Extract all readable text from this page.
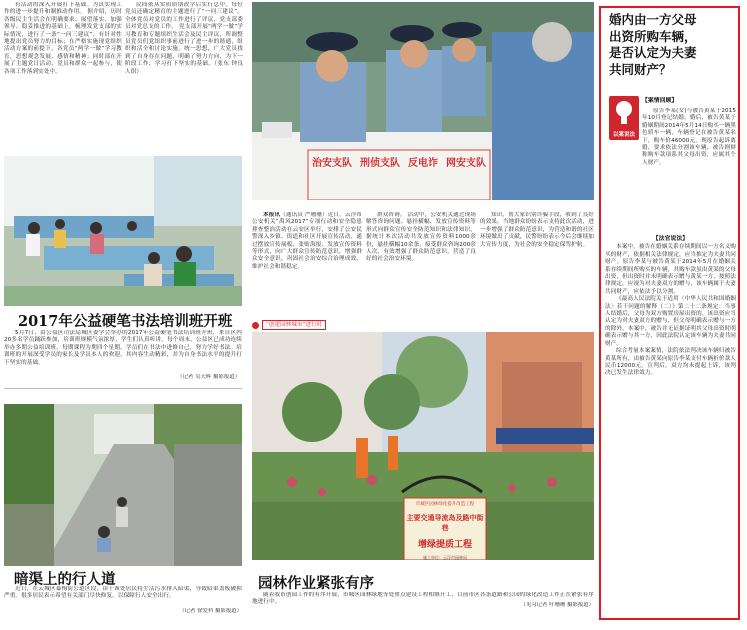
有活动的深入开展打下基础。为真实现工作的进一步提升和制推动作用。 据介绍，历时各级民主生活会在明确要求、展望落实、加强领导、稳妥推进的基础上，梳理发党支部的实际情况，进行了一条“一问三建议”，有针对性地提出党员努力的目标；在严格实施现党组织活动方案的前提下，各党员“两学一做”学习教育，思想观念发展、感情和精神；同时部在开展了主题党日活动，党员和群众一起参与，使各项工作落到实处中。

民间依从实质质朋改学后实行总中。每位党员还确定精育的主题进行了“一问三建议”。全体党员对党员的工作进行了评议，党支部委员对党总支的工作。 党支部开展“两学一做”学习教育和专题组织生活会及民主评议，所调整员党员们党组织事前进行了进一步的谐通，组织和活全和讨论实施，统一思想，广大党员找到了自身存在问题，明确了努力方向，为下一阶段工作、学习打下坚实的基础。（张东 钟良人组）

2017年公益硬笔书法培训班开班

5月7日，由公益区司法局城区委学会举办的2017年公益硬笔书法培训班开班，来自区内20多名学员踊跃参加，培训班规模气氛浓厚，学生们认真听讲。每个周末，公益区已成功连续举办多期公益培训班，每期课程为期四个星期，学员们在书法中进修自己，努力学好书法。培训班的开展深受学员的家长及学员本人的欢迎，其内容生动精彩，并为自身书法水平的提升打下坚实的基础。

（记者 吴天晖 摄影报道）
暗渠上的行人道

近日，在云城区幕梅街公道区段，由于该处居民将生活污水排入暗渠，导致暗渠盖板破损严重。很多居民表示希望有关部门尽快修复，以保障行人安全出行。

（记者 徐爱科 摄影报道）
治安支队 刑侦支队 反电诈 网安支队

本报讯（通讯员 严珊珊）近日，云浮市公安机关“禹风2017”专项行动和安全隐患排查整治活动在云安区举行，安排了公安民警深入乡镇、街道和社区开展宣传活动，通过摆放宣传展板、张贴海报、发放宣传资料等形式，向广大群众宣传防范意识，增强群众安全意识，巩固社会治安综合治理成效，维护社会和谐稳定。

群众咨询。 活动中，公安机关通过现场解答咨询问题、悬挂横幅、发放宣传资料等形式向群众宣传安全防范知识和法律知识，据统计本次活动共发放宣传资料1000余份，悬挂横幅10余条，接受群众咨询200余人次，有效增强了群众防范意识，营造了良好的社会治安环境。

知识，帮大家识别诈骗手段，收到了良好的效果。当地群众纷纷表示支持此次活动，进一步增强了群众防范意识，为营造和谐的社区环境做出了贡献，民警纷纷表示今后会继续加大宣传力度，为社会的安全稳定保驾护航。

“创建园林城市”进行时
市城区园林绿化提升改造工程
主要交通导流岛及路中街巷
增绿提质工程
施工单位：云浮市园林局
园林作业紧张有序

随着我市创园工作的有序开展，市城区园林绿地等处重点建设工程相继开工，目前市区各条道路和公园的绿化改造工作正在紧张有序地进行中。	（见习记者 叶珊珊 摄影报道）
婚内由一方父母
出资所购车辆，
是否认定为夫妻
共同财产？
以案说法
【案情回顾】

原告李某(女)与被告黄某于2015年10月登记结婚。婚后，被告黄某于婚姻期间2014年5月14日购买一辆黑色轿车一辆，车辆登记在被告黄某名下，购车价46000元。现原告起诉离婚，要求依法分割该车辆，被告则辩称购车款项系其父母出资，应属其个人财产。

【法官说法】

本案中，被告在婚姻关系存续期间以一方名义购买的财产，依据相关法律规定，应当推定为夫妻共同财产。原告李某与被告黄某于2014年5月在婚姻关系存续期间所购买的车辆，其购车款虽由黄某的父母出资，但出资时并未明确表示赠与黄某一方，按照法律规定，应视为对夫妻双方的赠与，该车辆属于夫妻共同财产，应依法予以分割。

《最高人民法院关于适用〈中华人民共和国婚姻法〉若干问题的解释（二）》第二十二条规定：当事人结婚后，父母为双方购置房屋出资的，该出资应当认定为对夫妻双方的赠与，但父母明确表示赠与一方的除外。本案中，被告并无证据证明其父母出资时明确表示赠与其一方，因此法院认定该车辆为夫妻共同财产。

综合考量本案案情，法院依法判决该车辆归被告黄某所有，由被告黄某向原告李某支付车辆折价款人民币12000元。宣判后，双方均未提起上诉，该判决已发生法律效力。
